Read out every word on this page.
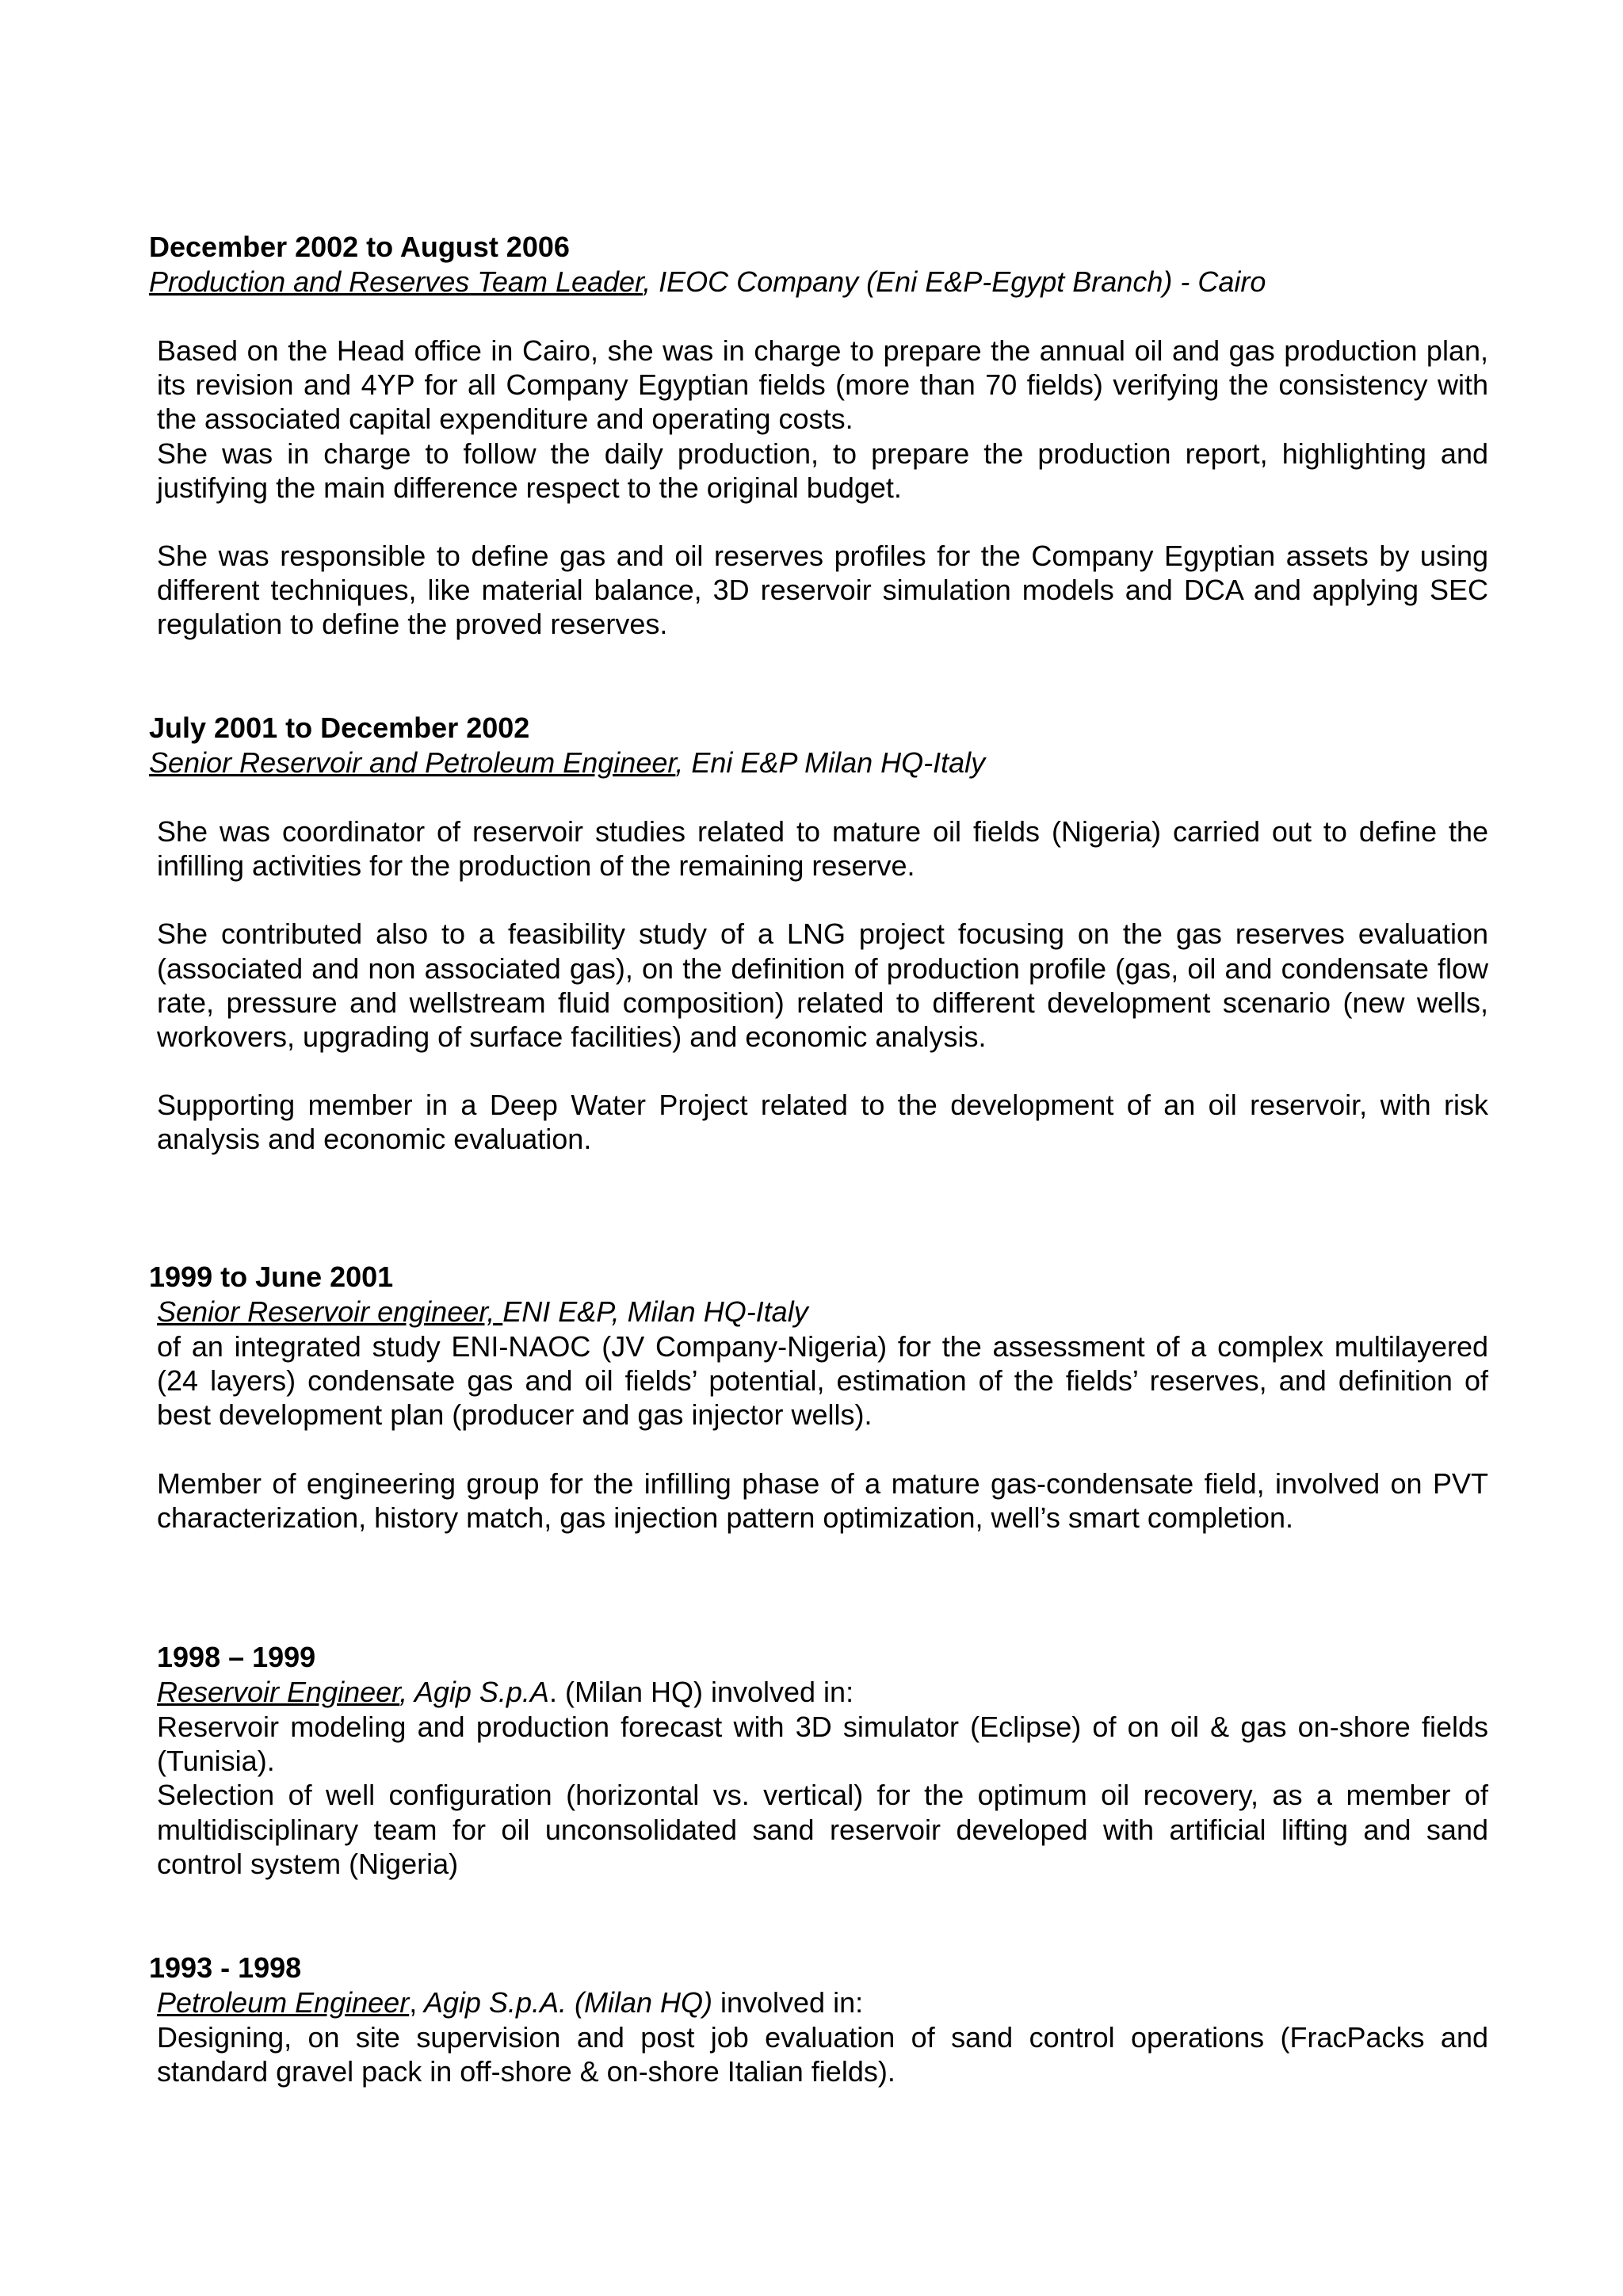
December 2002 to August 2006
Production and Reserves Team Leader, IEOC Company (Eni E&P-Egypt Branch) - Cairo

Based on the Head office in Cairo, she was in charge to prepare the annual oil and gas production plan, its revision and 4YP for all Company Egyptian fields (more than 70 fields) verifying the consistency with the associated capital expenditure and operating costs.

She was in charge to follow the daily production, to prepare the production report, highlighting and justifying the main difference respect to the original budget.

She was responsible to define gas and oil reserves profiles for the Company Egyptian assets by using different techniques, like material balance, 3D reservoir simulation models and DCA and applying SEC regulation to define the proved reserves.

July 2001 to December 2002
Senior Reservoir and Petroleum Engineer, Eni E&P Milan HQ-Italy

She was coordinator of reservoir studies related to mature oil fields (Nigeria) carried out to define the infilling activities for the production of the remaining reserve.

She contributed also to a feasibility study of a LNG project focusing on the gas reserves evaluation (associated and non associated gas), on the definition of production profile (gas, oil and condensate flow rate, pressure and wellstream fluid composition) related to different development scenario (new wells, workovers, upgrading of surface facilities) and economic analysis.

Supporting member in a Deep Water Project related to the development of an oil reservoir, with risk analysis and economic evaluation.

1999 to June 2001
Senior Reservoir engineer, ENI E&P, Milan HQ-Italy

of an integrated study ENI-NAOC (JV Company-Nigeria) for the assessment of a complex multilayered (24 layers) condensate gas and oil fields’ potential, estimation of the fields’ reserves, and definition of best development plan (producer and gas injector wells).

Member of engineering group for the infilling phase of a mature gas-condensate field, involved on PVT characterization, history match, gas injection pattern optimization, well’s smart completion.

1998 – 1999
Reservoir Engineer, Agip S.p.A. (Milan HQ) involved in:

Reservoir modeling and production forecast with 3D simulator (Eclipse) of on oil & gas on-shore fields (Tunisia).

Selection of well configuration (horizontal vs. vertical) for the optimum oil recovery, as a member of multidisciplinary team for oil unconsolidated sand reservoir developed with artificial lifting and sand control system (Nigeria)

1993 - 1998
Petroleum Engineer, Agip S.p.A. (Milan HQ) involved in:

Designing, on site supervision and post job evaluation of sand control operations (FracPacks and standard gravel pack in off-shore & on-shore Italian fields).
